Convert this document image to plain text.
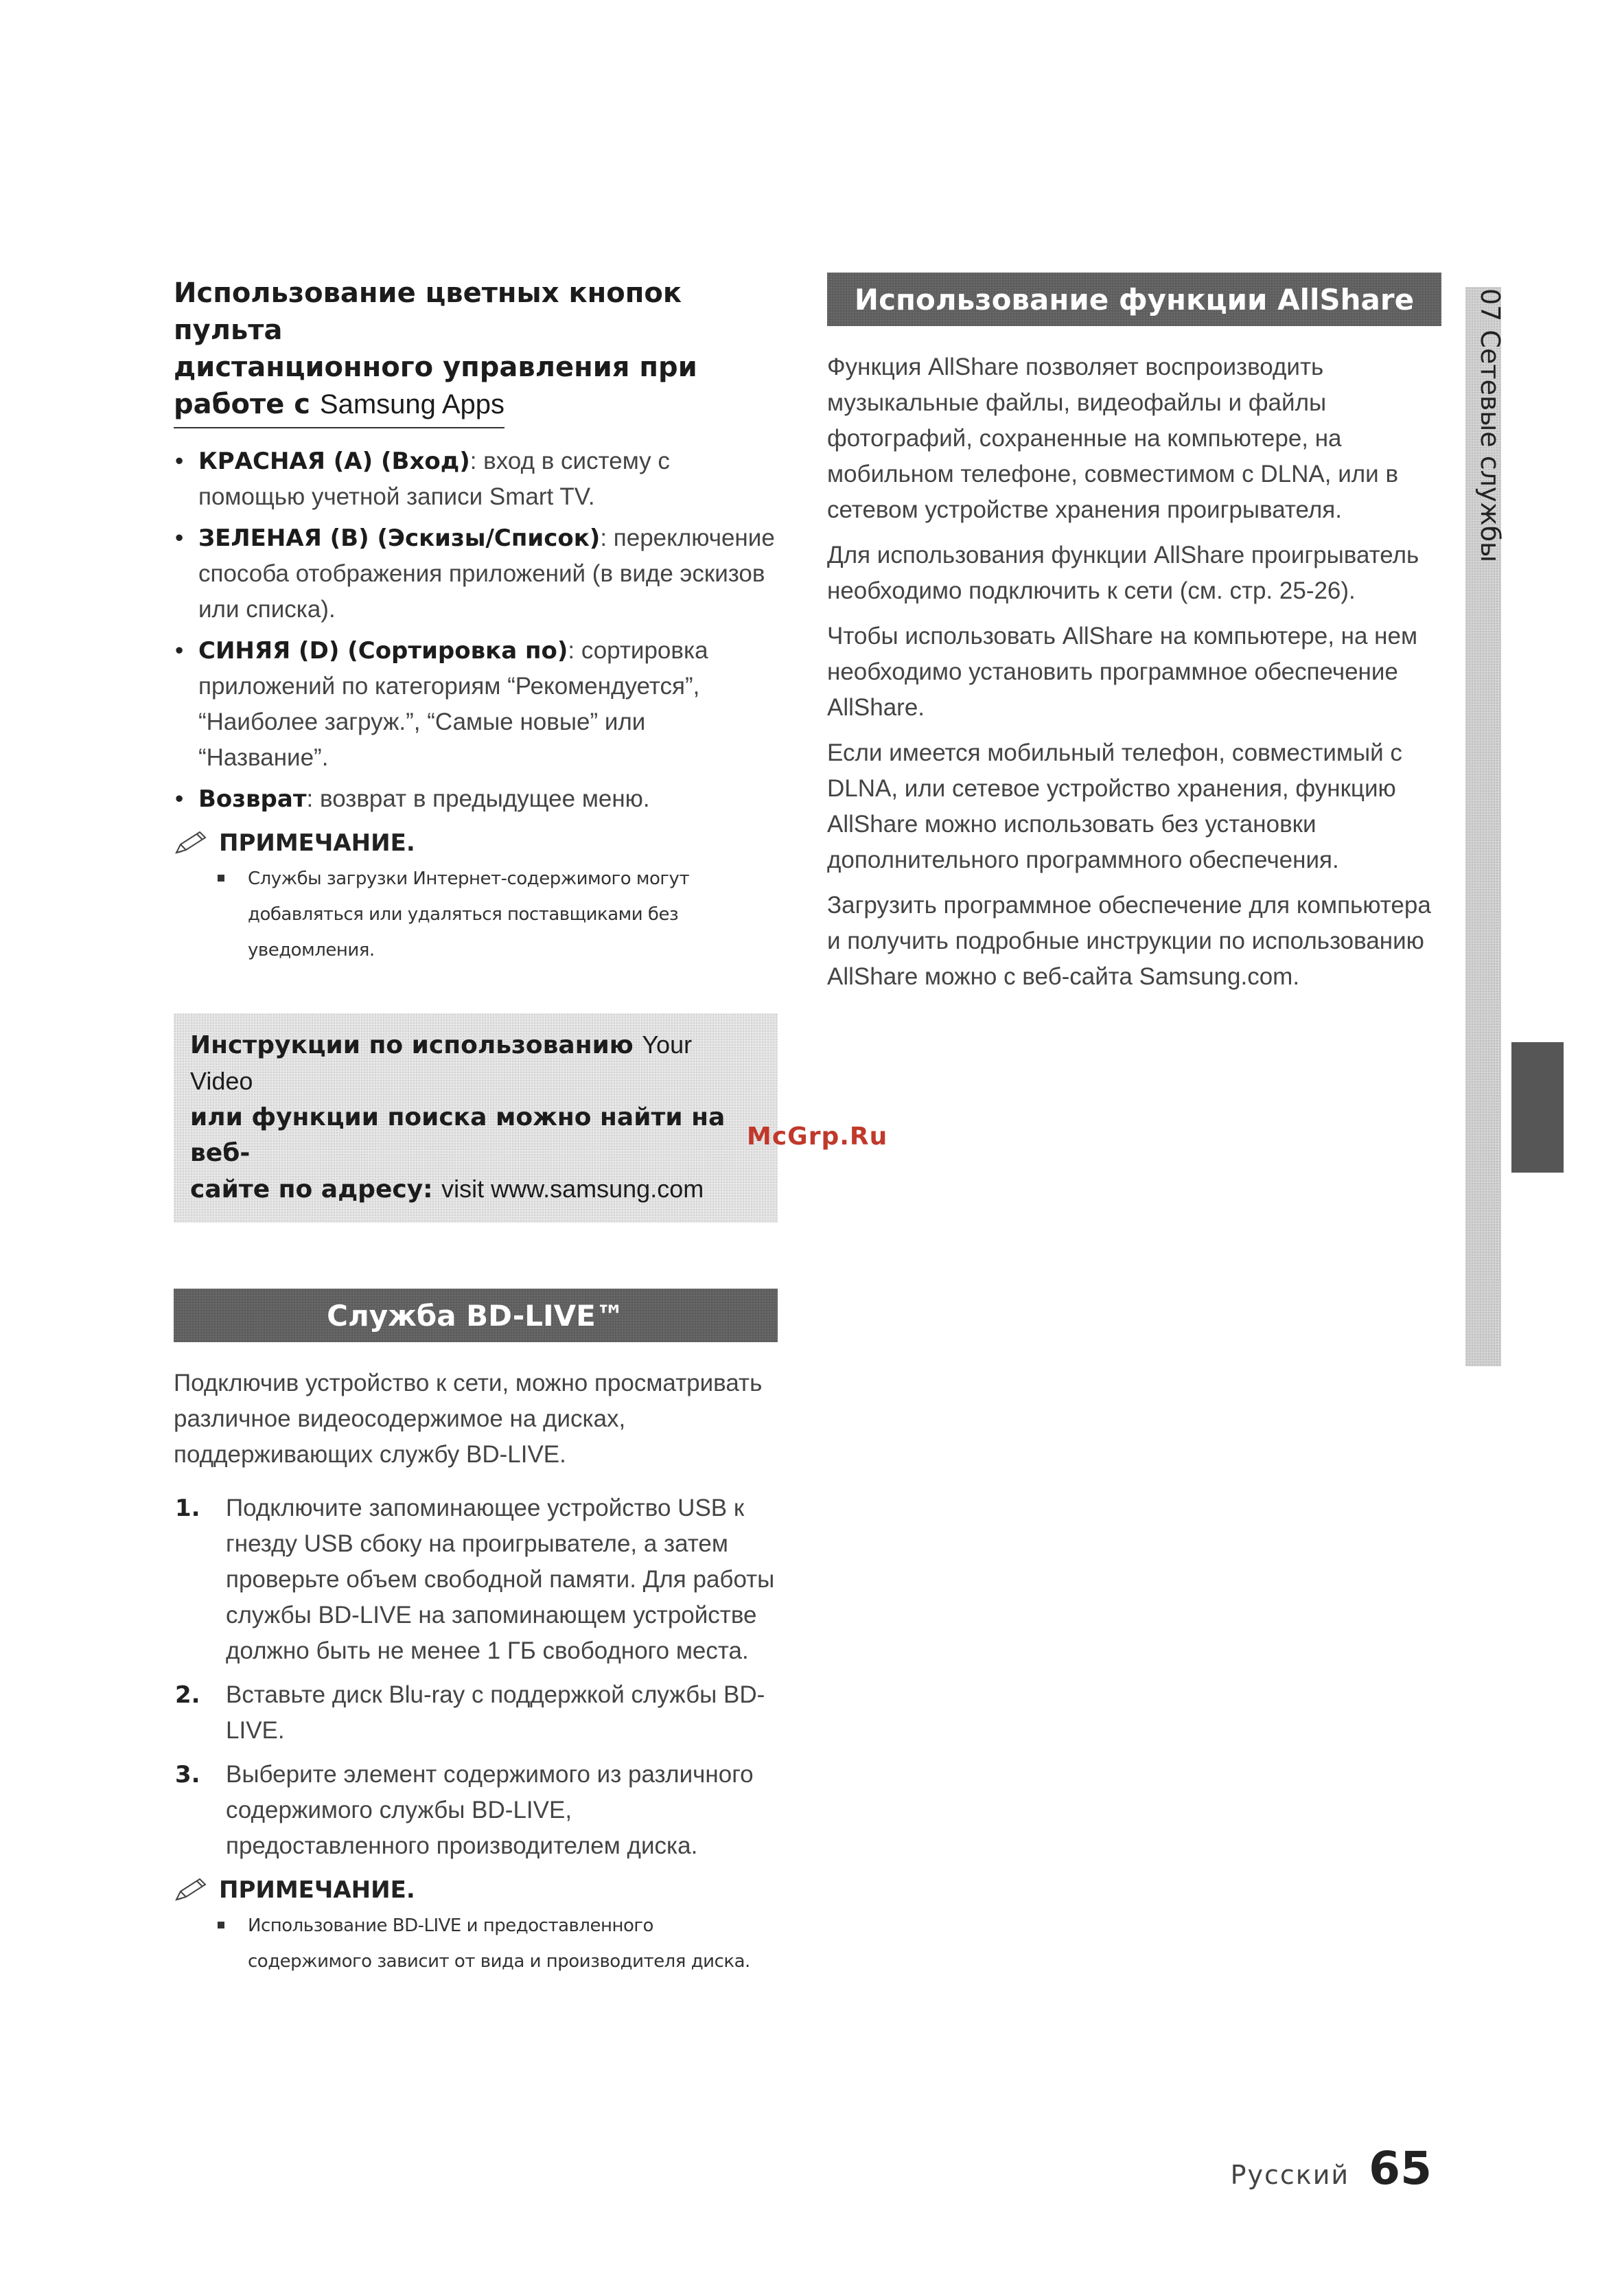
Использование цветных кнопок пульта
дистанционного управления при
работе с Samsung Apps
• КРАСНАЯ (A) (Вход): вход в систему с помощью учетной записи Smart TV.
• ЗЕЛЕНАЯ (B) (Эскизы/Список): переключение способа отображения приложений (в виде эскизов или списка).
• СИНЯЯ (D) (Сортировка по): сортировка приложений по категориям “Рекомендуется”, “Наиболее загруж.”, “Самые новые” или “Название”.
• Возврат: возврат в предыдущее меню.
ПРИМЕЧАНИЕ.
Службы загрузки Интернет-содержимого могут
добавляться или удаляться поставщиками без
уведомления.
Инструкции по использованию Your Video
или функции поиска можно найти на веб-
сайте по адресу: visit www.samsung.com
Служба BD-LIVE™

Подключив устройство к сети, можно просматривать различное видеосодержимое на дисках, поддерживающих службу BD-LIVE.

1. Подключите запоминающее устройство USB к гнезду USB сбоку на проигрывателе, а затем проверьте объем свободной памяти. Для работы службы BD-LIVE на запоминающем устройстве должно быть не менее 1 ГБ свободного места.
2. Вставьте диск Blu-ray с поддержкой службы BD-LIVE.
3. Выберите элемент содержимого из различного содержимого службы BD-LIVE, предоставленного производителем диска.
ПРИМЕЧАНИЕ.
Использование BD-LIVE и предоставленного
содержимого зависит от вида и производителя диска.
Использование функции AllShare

Функция AllShare позволяет воспроизводить музыкальные файлы, видеофайлы и файлы фотографий, сохраненные на компьютере, на мобильном телефоне, совместимом с DLNA, или в сетевом устройстве хранения проигрывателя.

Для использования функции AllShare проигрыватель необходимо подключить к сети (см. стр. 25-26).

Чтобы использовать AllShare на компьютере, на нем необходимо установить программное обеспечение AllShare.

Если имеется мобильный телефон, совместимый с DLNA, или сетевое устройство хранения, функцию AllShare можно использовать без установки дополнительного программного обеспечения.

Загрузить программное обеспечение для компьютера и получить подробные инструкции по использованию AllShare можно с веб-сайта Samsung.com.

07 Сетевые службы
McGrp.Ru
Русский 65
